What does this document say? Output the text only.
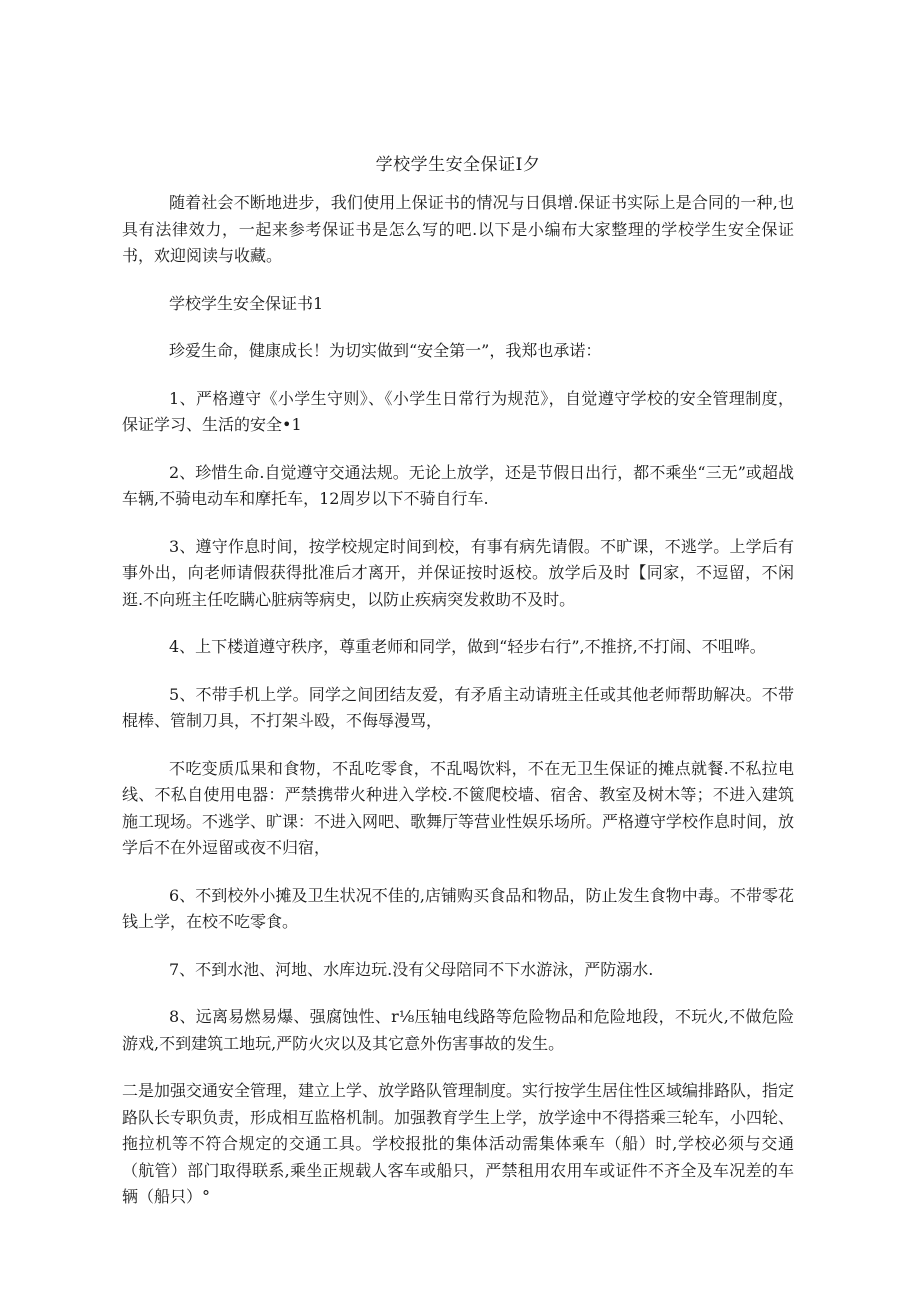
学校学生安全保证I夕

随着社会不断地进步，我们使用上保证书的情况与日俱增.保证书实际上是合同的一种,也具有法律效力，一起来参考保证书是怎么写的吧.以下是小编布大家整理的学校学生安全保证书，欢迎阅读与收藏。

学校学生安全保证书1

珍爱生命，健康成长！为切实做到“安全第一”，我郑也承诺：

1、严格遵守《小学生守则》、《小学生日常行为规范》，自觉遵守学校的安全管理制度，保证学习、生活的安全•1

2、珍惜生命.自觉遵守交通法规。无论上放学，还是节假日出行，都不乘坐“三无”或超战车辆,不骑电动车和摩托车，12周岁以下不骑自行车.

3、遵守作息时间，按学校规定时间到校，有事有病先请假。不旷课，不逃学。上学后有事外出，向老师请假获得批准后才离开，并保证按时返校。放学后及时【同家，不逗留，不闲逛.不向班主任吃瞒心脏病等病史，以防止疾病突发救助不及时。

4、上下楼道遵守秩序，尊重老师和同学，做到“轻步右行”,不推挤,不打闹、不咀哗。

5、不带手机上学。同学之间团结友爱，有矛盾主动请班主任或其他老师帮助解决。不带棍棒、管制刀具，不打架斗殴，不侮辱漫骂，

不吃变质瓜果和食物，不乱吃零食，不乱喝饮料，不在无卫生保证的摊点就餐.不私拉电线、不私自使用电器：严禁携带火种进入学校.不篋爬校墙、宿舍、教室及树木等；不进入建筑施工现场。不逃学、旷课：不进入网吧、歌舞厅等营业性娱乐场所。严格遵守学校作息时间，放学后不在外逗留或夜不归宿，

6、不到校外小摊及卫生状况不佳的,店铺购买食品和物品，防止发生食物中毒。不带零花钱上学，在校不吃零食。

7、不到水池、河地、水库边玩.没有父母陪同不下水游泳，严防溺水.

8、远离易燃易爆、强腐蚀性、r⅛压轴电线路等危险物品和危险地段，不玩火,不做危险游戏,不到建筑工地玩,严防火灾以及其它意外伤害事故的发生。

二是加强交通安全管理，建立上学、放学路队管理制度。实行按学生居住性区域编排路队，指定路队长专职负责，形成相互监格机制。加强教育学生上学，放学途中不得搭乘三轮车，小四轮、拖拉机等不符合规定的交通工具。学校报批的集体活动需集体乘车（船）时,学校必须与交通（航管）部门取得联系,乘坐正规载人客车或船只，严禁租用农用车或证件不齐全及车况差的车辆（船只）°
